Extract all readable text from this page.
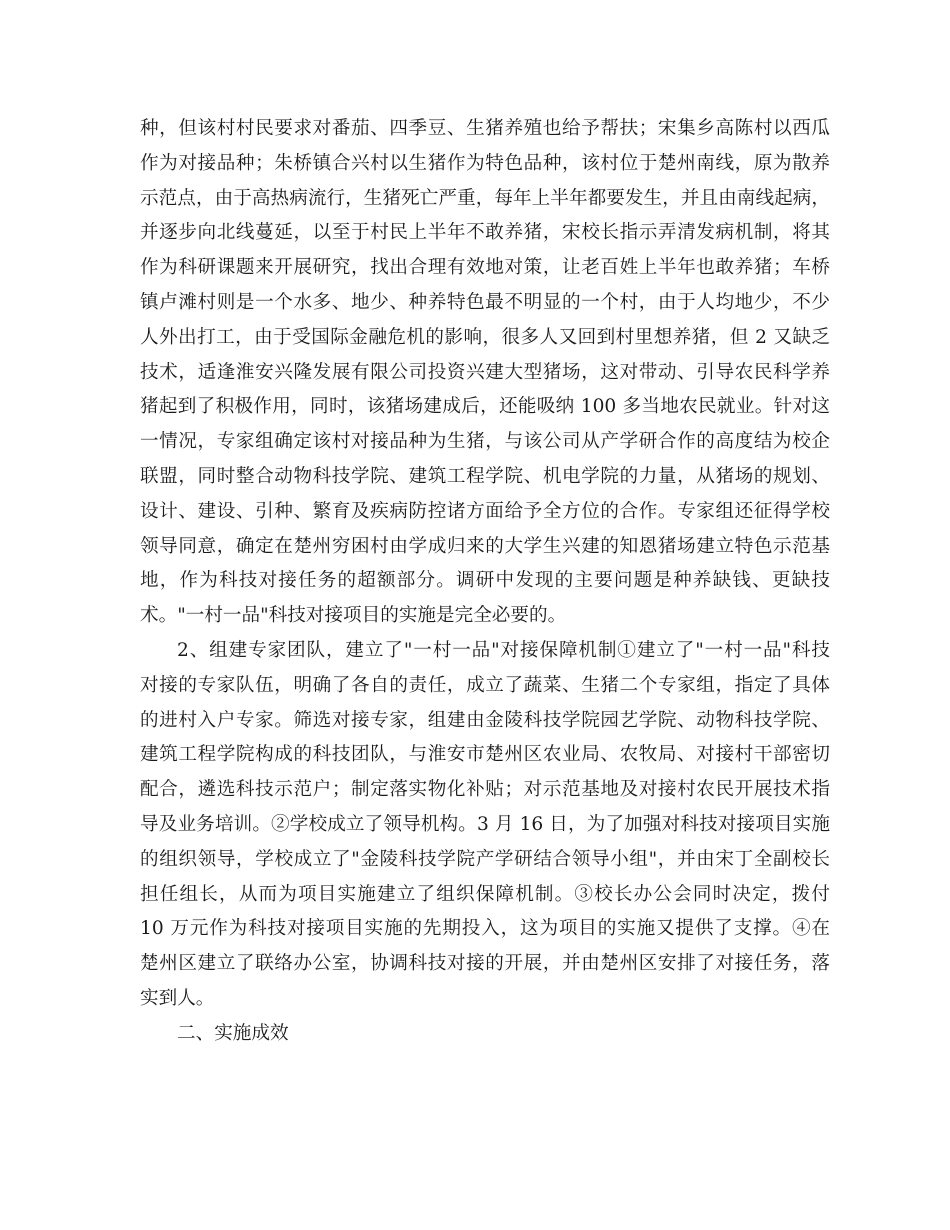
种，但该村村民要求对番茄、四季豆、生猪养殖也给予帮扶；宋集乡高陈村以西瓜
作为对接品种；朱桥镇合兴村以生猪作为特色品种，该村位于楚州南线，原为散养
示范点，由于高热病流行，生猪死亡严重，每年上半年都要发生，并且由南线起病，
并逐步向北线蔓延，以至于村民上半年不敢养猪，宋校长指示弄清发病机制，将其
作为科研课题来开展研究，找出合理有效地对策，让老百姓上半年也敢养猪；车桥
镇卢滩村则是一个水多、地少、种养特色最不明显的一个村，由于人均地少，不少
人外出打工，由于受国际金融危机的影响，很多人又回到村里想养猪，但 2 又缺乏
技术，适逢淮安兴隆发展有限公司投资兴建大型猪场，这对带动、引导农民科学养
猪起到了积极作用，同时，该猪场建成后，还能吸纳 100 多当地农民就业。针对这
一情况，专家组确定该村对接品种为生猪，与该公司从产学研合作的高度结为校企
联盟，同时整合动物科技学院、建筑工程学院、机电学院的力量，从猪场的规划、
设计、建设、引种、繁育及疾病防控诸方面给予全方位的合作。专家组还征得学校
领导同意，确定在楚州穷困村由学成归来的大学生兴建的知恩猪场建立特色示范基
地，作为科技对接任务的超额部分。调研中发现的主要问题是种养缺钱、更缺技
术。"一村一品"科技对接项目的实施是完全必要的。
2、组建专家团队，建立了"一村一品"对接保障机制①建立了"一村一品"科技
对接的专家队伍，明确了各自的责任，成立了蔬菜、生猪二个专家组，指定了具体
的进村入户专家。筛选对接专家，组建由金陵科技学院园艺学院、动物科技学院、
建筑工程学院构成的科技团队，与淮安市楚州区农业局、农牧局、对接村干部密切
配合，遴选科技示范户；制定落实物化补贴；对示范基地及对接村农民开展技术指
导及业务培训。②学校成立了领导机构。3 月 16 日，为了加强对科技对接项目实施
的组织领导，学校成立了"金陵科技学院产学研结合领导小组"，并由宋丁全副校长
担任组长，从而为项目实施建立了组织保障机制。③校长办公会同时决定，拨付
10 万元作为科技对接项目实施的先期投入，这为项目的实施又提供了支撑。④在
楚州区建立了联络办公室，协调科技对接的开展，并由楚州区安排了对接任务，落
实到人。
二、实施成效
